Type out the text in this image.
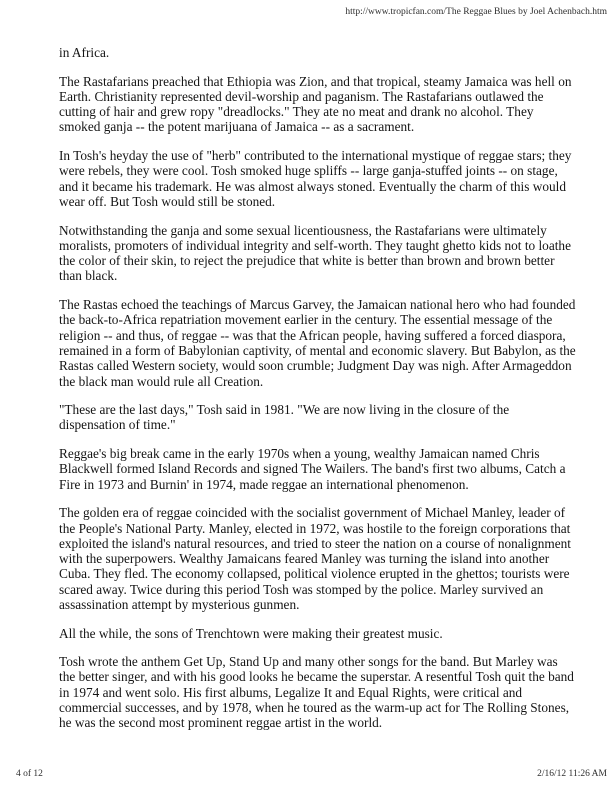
http://www.tropicfan.com/The Reggae Blues by Joel Achenbach.htm

in Africa.

The Rastafarians preached that Ethiopia was Zion, and that tropical, steamy Jamaica was hell on Earth. Christianity represented devil-worship and paganism. The Rastafarians outlawed the cutting of hair and grew ropy "dreadlocks." They ate no meat and drank no alcohol. They smoked ganja -- the potent marijuana of Jamaica -- as a sacrament.

In Tosh's heyday the use of "herb" contributed to the international mystique of reggae stars; they were rebels, they were cool. Tosh smoked huge spliffs -- large ganja-stuffed joints -- on stage, and it became his trademark. He was almost always stoned. Eventually the charm of this would wear off. But Tosh would still be stoned.

Notwithstanding the ganja and some sexual licentiousness, the Rastafarians were ultimately moralists, promoters of individual integrity and self-worth. They taught ghetto kids not to loathe the color of their skin, to reject the prejudice that white is better than brown and brown better than black.

The Rastas echoed the teachings of Marcus Garvey, the Jamaican national hero who had founded the back-to-Africa repatriation movement earlier in the century. The essential message of the religion -- and thus, of reggae -- was that the African people, having suffered a forced diaspora, remained in a form of Babylonian captivity, of mental and economic slavery. But Babylon, as the Rastas called Western society, would soon crumble; Judgment Day was nigh. After Armageddon the black man would rule all Creation.

"These are the last days," Tosh said in 1981. "We are now living in the closure of the dispensation of time."

Reggae's big break came in the early 1970s when a young, wealthy Jamaican named Chris Blackwell formed Island Records and signed The Wailers. The band's first two albums, Catch a Fire in 1973 and Burnin' in 1974, made reggae an international phenomenon.

The golden era of reggae coincided with the socialist government of Michael Manley, leader of the People's National Party. Manley, elected in 1972, was hostile to the foreign corporations that exploited the island's natural resources, and tried to steer the nation on a course of nonalignment with the superpowers. Wealthy Jamaicans feared Manley was turning the island into another Cuba. They fled. The economy collapsed, political violence erupted in the ghettos; tourists were scared away. Twice during this period Tosh was stomped by the police. Marley survived an assassination attempt by mysterious gunmen.

All the while, the sons of Trenchtown were making their greatest music.

Tosh wrote the anthem Get Up, Stand Up and many other songs for the band. But Marley was the better singer, and with his good looks he became the superstar. A resentful Tosh quit the band in 1974 and went solo. His first albums, Legalize It and Equal Rights, were critical and commercial successes, and by 1978, when he toured as the warm-up act for The Rolling Stones, he was the second most prominent reggae artist in the world.

4 of 12	2/16/12 11:26 AM
